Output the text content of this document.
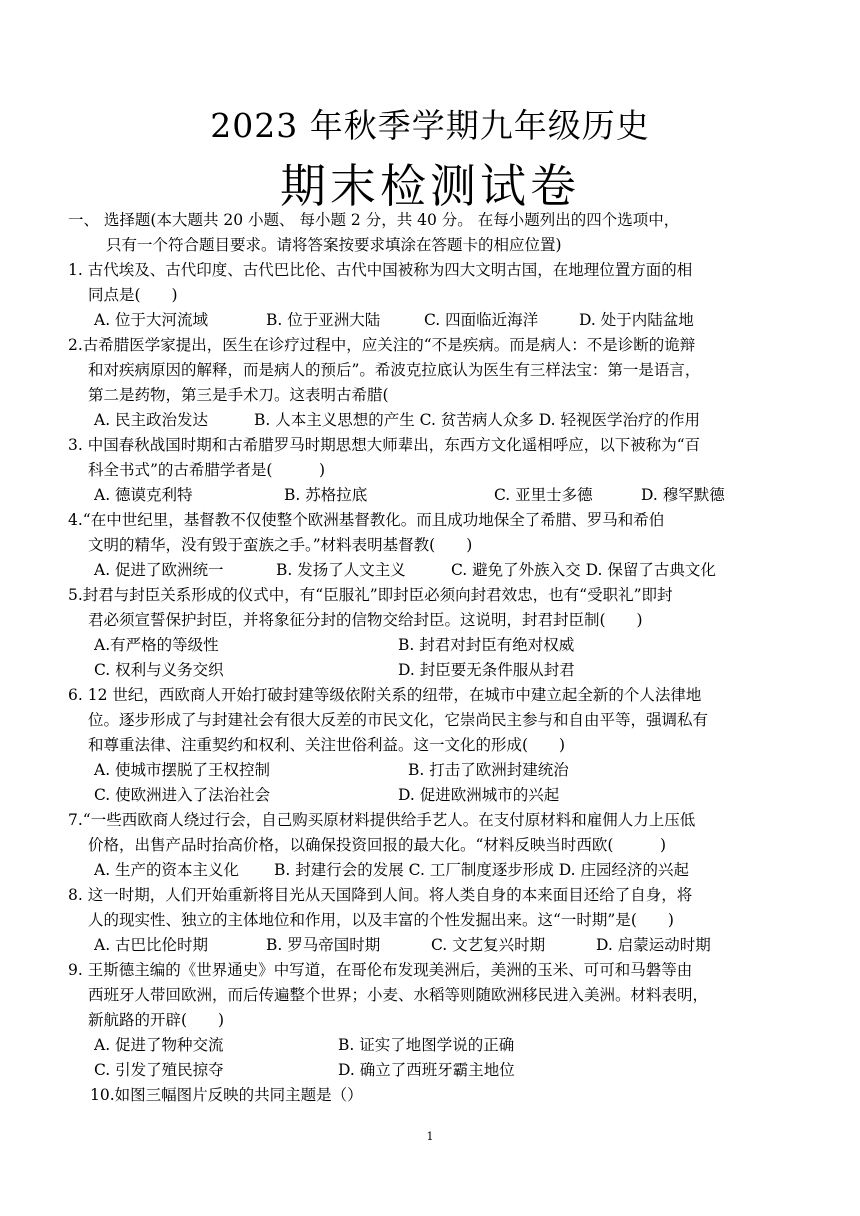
2023 年秋季学期九年级历史
期末检测试卷
一、 选择题(本大题共 20 小题、 每小题 2 分，共 40 分。 在每小题列出的四个选项中，
只有一个符合题目要求。请将答案按要求填涂在答题卡的相应位置)
1. 古代埃及、古代印度、古代巴比伦、古代中国被称为四大文明古国，在地理位置方面的相
同点是(　　)
A. 位于大河流域	B. 位于亚洲大陆	C. 四面临近海洋	D. 处于内陆盆地
2.古希腊医学家提出，医生在诊疗过程中，应关注的“不是疾病。而是病人：不是诊断的诡辩
和对疾病原因的解释，而是病人的预后”。希波克拉底认为医生有三样法宝：第一是语言，
第二是药物，第三是手术刀。这表明古希腊(
A. 民主政治发达	B. 人本主义思想的产生 C. 贫苦病人众多 D. 轻视医学治疗的作用
3. 中国春秋战国时期和古希腊罗马时期思想大师辈出，东西方文化遥相呼应，以下被称为“百
科全书式”的古希腊学者是(　　　)
A. 德谟克利特	B. 苏格拉底	C. 亚里士多德	D. 穆罕默德
4.“在中世纪里，基督教不仅使整个欧洲基督教化。而且成功地保全了希腊、罗马和希伯
文明的精华，没有毁于蛮族之手。”材料表明基督教(　　)
A. 促进了欧洲统一	B. 发扬了人文主义	C. 避免了外族入交 D. 保留了古典文化
5.封君与封臣关系形成的仪式中，有“臣服礼”即封臣必须向封君效忠，也有“受职礼”即封
君必须宣誓保护封臣，并将象征分封的信物交给封臣。这说明，封君封臣制(　　)
A.有严格的等级性	B. 封君对封臣有绝对权威
C. 权利与义务交织	D. 封臣要无条件服从封君
6. 12 世纪，西欧商人开始打破封建等级依附关系的纽带，在城市中建立起全新的个人法律地
位。逐步形成了与封建社会有很大反差的市民文化，它崇尚民主参与和自由平等，强调私有
和尊重法律、注重契约和权利、关注世俗利益。这一文化的形成(　　)
A. 使城市摆脱了王权控制	B. 打击了欧洲封建统治
C. 使欧洲进入了法治社会	D. 促进欧洲城市的兴起
7.“一些西欧商人绕过行会，自己购买原材料提供给手艺人。在支付原材料和雇佣人力上压低
价格，出售产品时抬高价格，以确保投资回报的最大化。“材料反映当时西欧(　　　)
A. 生产的资本主义化	B. 封建行会的发展 C. 工厂制度逐步形成 D. 庄园经济的兴起
8. 这一时期，人们开始重新将目光从天国降到人间。将人类自身的本来面目还给了自身，将
人的现实性、独立的主体地位和作用，以及丰富的个性发掘出来。这“一时期”是(　　)
A. 古巴比伦时期	B. 罗马帝国时期	C. 文艺复兴时期	D. 启蒙运动时期
9. 王斯德主编的《世界通史》中写道，在哥伦布发现美洲后，美洲的玉米、可可和马磐等由
西班牙人带回欧洲，而后传遍整个世界；小麦、水稻等则随欧洲移民进入美洲。材料表明，
新航路的开辟(　　)
A. 促进了物种交流	B. 证实了地图学说的正确
C. 引发了殖民掠夺	D. 确立了西班牙霸主地位
10.如图三幅图片反映的共同主题是（）
1
